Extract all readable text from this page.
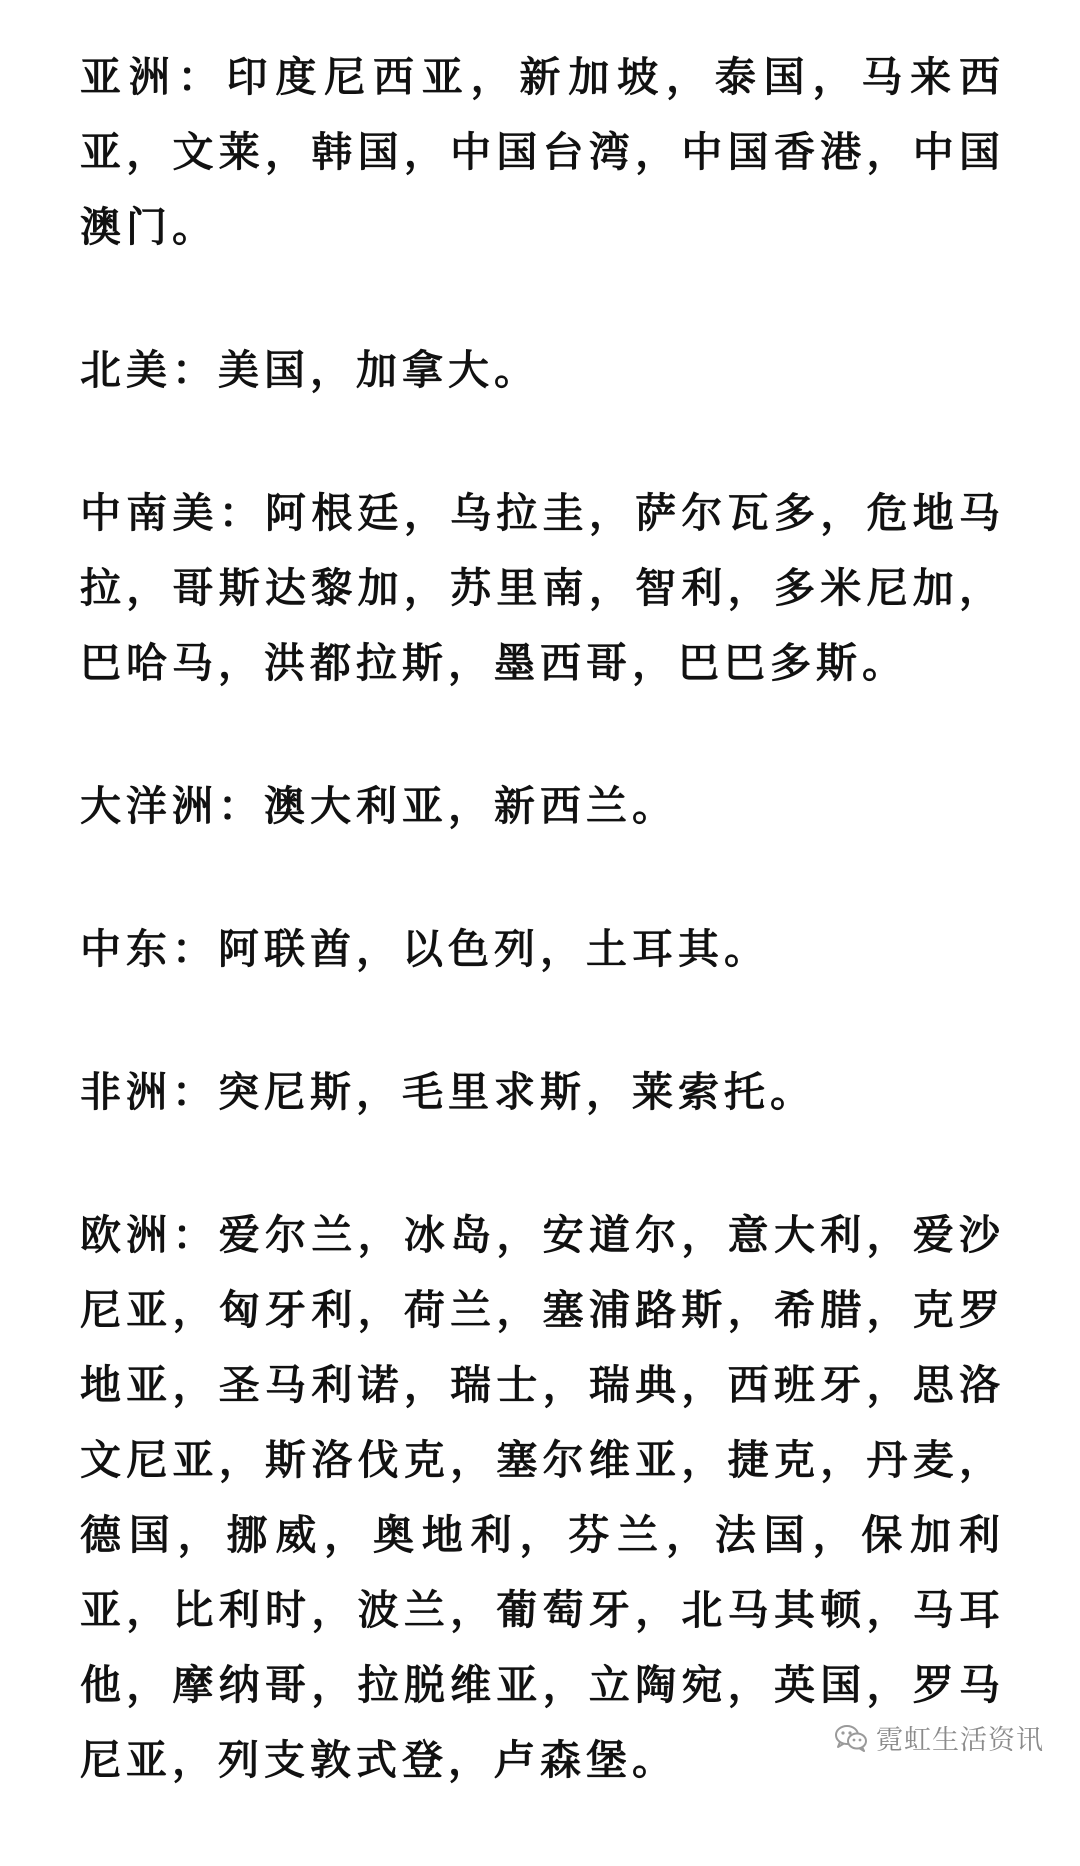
亚洲：印度尼西亚，新加坡，泰国，马来西亚，文莱，韩国，中国台湾，中国香港，中国澳门。

北美：美国，加拿大。

中南美：阿根廷，乌拉圭，萨尔瓦多，危地马拉，哥斯达黎加，苏里南，智利，多米尼加，巴哈马，洪都拉斯，墨西哥，巴巴多斯。

大洋洲：澳大利亚，新西兰。

中东：阿联酋，以色列，土耳其。

非洲：突尼斯，毛里求斯，莱索托。

欧洲：爱尔兰，冰岛，安道尔，意大利，爱沙尼亚，匈牙利，荷兰，塞浦路斯，希腊，克罗地亚，圣马利诺，瑞士，瑞典，西班牙，思洛文尼亚，斯洛伐克，塞尔维亚，捷克，丹麦，德国，挪威，奥地利，芬兰，法国，保加利亚，比利时，波兰，葡萄牙，北马其顿，马耳他，摩纳哥，拉脱维亚，立陶宛，英国，罗马尼亚，列支敦式登，卢森堡。	霓虹生活资讯
